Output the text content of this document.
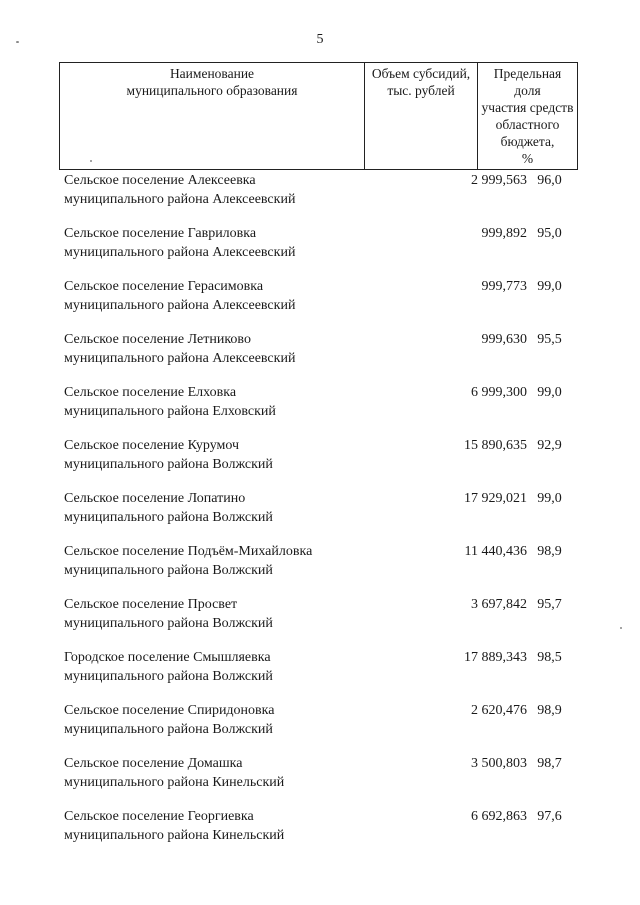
5
Наименование
муниципального образования
Объем субсидий,
тыс. рублей
Предельная
доля
участия средств
областного
бюджета,
%
Сельское поселение Алексеевка
муниципального района Алексеевский
2 999,563 96,0
Сельское поселение Гавриловка
муниципального района Алексеевский
999,892 95,0
Сельское поселение Герасимовка
муниципального района Алексеевский
999,773 99,0
Сельское поселение Летниково
муниципального района Алексеевский
999,630 95,5
Сельское поселение Елховка
муниципального района Елховский
6 999,300 99,0
Сельское поселение Курумоч
муниципального района Волжский
15 890,635 92,9
Сельское поселение Лопатино
муниципального района Волжский
17 929,021 99,0
Сельское поселение Подъём-Михайловка
муниципального района Волжский
11 440,436 98,9
Сельское поселение Просвет
муниципального района Волжский
3 697,842 95,7
Городское поселение Смышляевка
муниципального района Волжский
17 889,343 98,5
Сельское поселение Спиридоновка
муниципального района Волжский
2 620,476 98,9
Сельское поселение Домашка
муниципального района Кинельский
3 500,803 98,7
Сельское поселение Георгиевка
муниципального района Кинельский
6 692,863 97,6
